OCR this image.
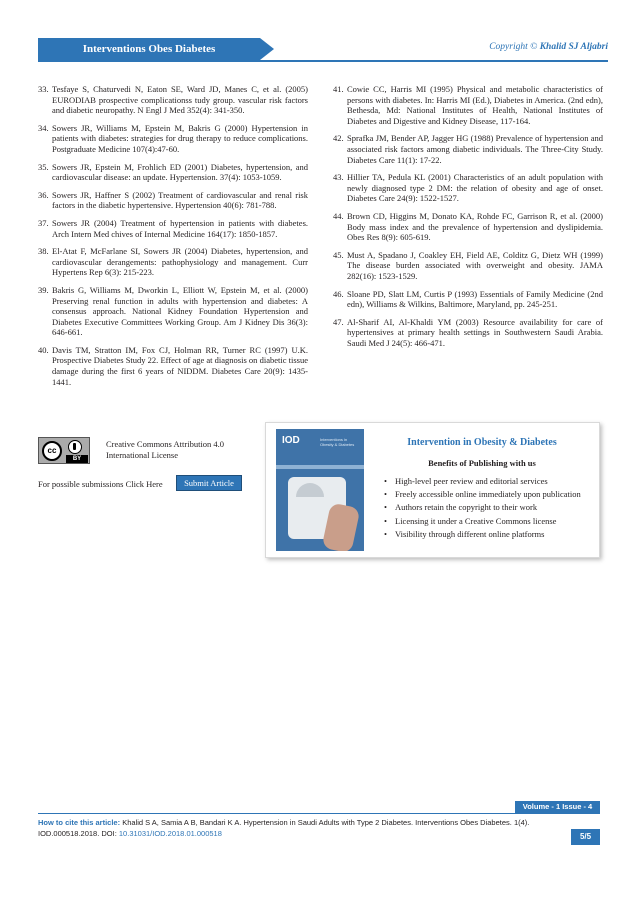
Interventions Obes Diabetes	Copyright © Khalid SJ Aljabri
33. Tesfaye S, Chaturvedi N, Eaton SE, Ward JD, Manes C, et al. (2005) EURODIAB prospective complicationss tudy group. vascular risk factors and diabetic neuropathy. N Engl J Med 352(4): 341-350.
34. Sowers JR, Williams M, Epstein M, Bakris G (2000) Hypertension in patients with diabetes: strategies for drug therapy to reduce complications. Postgraduate Medicine 107(4):47-60.
35. Sowers JR, Epstein M, Frohlich ED (2001) Diabetes, hypertension, and cardiovascular disease: an update. Hypertension. 37(4): 1053-1059.
36. Sowers JR, Haffner S (2002) Treatment of cardiovascular and renal risk factors in the diabetic hypertensive. Hypertension 40(6): 781-788.
37. Sowers JR (2004) Treatment of hypertension in patients with diabetes. Arch Intern Med chives of Internal Medicine 164(17): 1850-1857.
38. El-Atat F, McFarlane SI, Sowers JR (2004) Diabetes, hypertension, and cardiovascular derangements: pathophysiology and management. Curr Hypertens Rep 6(3): 215-223.
39. Bakris G, Williams M, Dworkin L, Elliott W, Epstein M, et al. (2000) Preserving renal function in adults with hypertension and diabetes: A consensus approach. National Kidney Foundation Hypertension and Diabetes Executive Committees Working Group. Am J Kidney Dis 36(3): 646-661.
40. Davis TM, Stratton IM, Fox CJ, Holman RR, Turner RC (1997) U.K. Prospective Diabetes Study 22. Effect of age at diagnosis on diabetic tissue damage during the first 6 years of NIDDM. Diabetes Care 20(9): 1435-1441.
41. Cowie CC, Harris MI (1995) Physical and metabolic characteristics of persons with diabetes. In: Harris MI (Ed.), Diabetes in America. (2nd edn), Bethesda, Md: National Institutes of Health, National Institutes of Diabetes and Digestive and Kidney Disease, 117-164.
42. Sprafka JM, Bender AP, Jagger HG (1988) Prevalence of hypertension and associated risk factors among diabetic individuals. The Three-City Study. Diabetes Care 11(1): 17-22.
43. Hillier TA, Pedula KL (2001) Characteristics of an adult population with newly diagnosed type 2 DM: the relation of obesity and age of onset. Diabetes Care 24(9): 1522-1527.
44. Brown CD, Higgins M, Donato KA, Rohde FC, Garrison R, et al. (2000) Body mass index and the prevalence of hypertension and dyslipidemia. Obes Res 8(9): 605-619.
45. Must A, Spadano J, Coakley EH, Field AE, Colditz G, Dietz WH (1999) The disease burden associated with overweight and obesity. JAMA 282(16): 1523-1529.
46. Sloane PD, Slatt LM, Curtis P (1993) Essentials of Family Medicine (2nd edn), Williams & Wilkins, Baltimore, Maryland, pp. 245-251.
47. Al-Sharif AI, Al-Khaldi YM (2003) Resource availability for care of hypertensives at primary health settings in Southwestern Saudi Arabia. Saudi Med J 24(5): 466-471.
cc
BY
Creative Commons Attribution 4.0 International License
For possible submissions Click Here	Submit Article
IOD	Interventions in Obesity & Diabetes	Intervention in Obesity & Diabetes
Benefits of Publishing with us
• High-level peer review and editorial services
• Freely accessible online immediately upon publication
• Authors retain the copyright to their work
• Licensing it under a Creative Commons license
• Visibility through different online platforms
Volume - 1 Issue - 4
How to cite this article: Khalid S A, Samia A B, Bandari K A. Hypertension in Saudi Adults with Type 2 Diabetes. Interventions Obes Diabetes. 1(4). IOD.000518.2018. DOI: 10.31031/IOD.2018.01.000518	5/5
